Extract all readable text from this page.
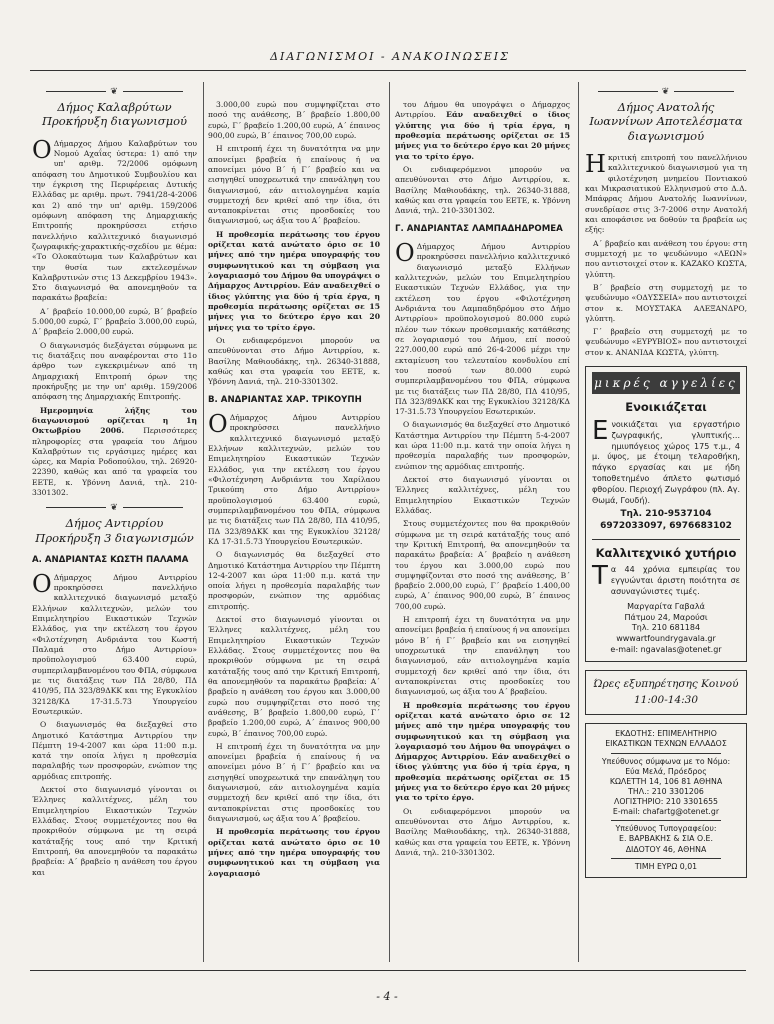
ΔΙΑΓΩΝΙΣΜΟΙ - ΑΝΑΚΟΙΝΩΣΕΙΣ
❦
Δήμος Καλαβρύτων Προκήρυξη διαγωνισμού

Ο Δήμαρχος Δήμου Καλαβρύτων του Νομού Αχαΐας ύστερα: 1) από την υπ' αριθμ. 72/2006 ομόφωνη απόφαση του Δημοτικού Συμβουλίου και την έγκριση της Περιφέρειας Δυτικής Ελλάδας με αριθμ. πρωτ. 7941/28-4-2006 και 2) από την υπ' αριθμ. 159/2006 ομόφωνη απόφαση της Δημαρχιακής Επιτροπής προκηρύσσει ετήσιο πανελλήνιο καλλιτεχνικό διαγωνισμό ζωγραφικής-χαρακτικής-σχεδίου με θέμα: «Το Ολοκαύτωμα των Καλαβρύτων και την θυσία των εκτελεσμένων Καλαβρυτινών στις 13 Δεκεμβρίου 1943». Στο διαγωνισμό θα απονεμηθούν τα παρακάτω βραβεία:

Α΄ βραβείο 10.000,00 ευρώ, Β΄ βραβείο 5.000,00 ευρώ, Γ΄ βραβείο 3.000,00 ευρώ, Δ΄ βραβείο 2.000,00 ευρώ.

Ο διαγωνισμός διεξάγεται σύμφωνα με τις διατάξεις που αναφέρονται στο 11ο άρθρο των εγκεκριμένων από τη Δημαρχιακή Επιτροπή όρων της προκήρυξης με την υπ' αριθμ. 159/2006 απόφαση της Δημαρχιακής Επιτροπής.

Ημερομηνία λήξης του διαγωνισμού ορίζεται η 1η Οκτωβρίου 2006. Περισσότερες πληροφορίες στα γραφεία του Δήμου Καλαβρύτων τις εργάσιμες ημέρες και ώρες, κα Μαρία Ροδοπούλου, τηλ. 26920-22390, καθώς και από τα γραφεία του ΕΕΤΕ, κ. Υβόννη Δανιά, τηλ. 210-3301302.

❦
Δήμος Αντιρρίου Προκήρυξη 3 διαγωνισμών
Α. ΑΝΔΡΙΑΝΤΑΣ ΚΩΣΤΗ ΠΑΛΑΜΑ

Ο Δήμαρχος Δήμου Αντιρρίου προκηρύσσει πανελλήνιο καλλιτεχνικό διαγωνισμό μεταξύ Ελλήνων καλλιτεχνών, μελών του Επιμελητηρίου Εικαστικών Τεχνών Ελλάδος, για την εκτέλεση του έργου «Φιλοτέχνηση Ανδριάντα του Κωστή Παλαμά στο Δήμο Αντιρρίου» προϋπολογισμού 63.400 ευρώ, συμπεριλαμβανομένου του ΦΠΑ, σύμφωνα με τις διατάξεις των ΠΔ 28/80, ΠΔ 410/95, ΠΔ 323/89ΔΚΚ και της Εγκυκλίου 32128/ΚΔ 17-31.5.73 Υπουργείου Εσωτερικών.

Ο διαγωνισμός θα διεξαχθεί στο Δημοτικό Κατάστημα Αντιρρίου την Πέμπτη 19-4-2007 και ώρα 11:00 π.μ. κατά την οποία λήγει η προθεσμία παραλαβής των προσφορών, ενώπιον της αρμόδιας επιτροπής.

Δεκτοί στο διαγωνισμό γίνονται οι Έλληνες καλλιτέχνες, μέλη του Επιμελητηρίου Εικαστικών Τεχνών Ελλάδας. Στους συμμετέχοντες που θα προκριθούν σύμφωνα με τη σειρά κατάταξής τους από την Κριτική Επιτροπή, θα απονεμηθούν τα παρακάτω βραβεία: Α΄ βραβείο η ανάθεση του έργου και

3.000,00 ευρώ που συμψηφίζεται στο ποσό της ανάθεσης, Β΄ βραβείο 1.800,00 ευρώ, Γ΄ βραβείο 1.200,00 ευρώ, Α΄ έπαινος 900,00 ευρώ, Β΄ έπαινος 700,00 ευρώ.

Η επιτροπή έχει τη δυνατότητα να μην απονείμει βραβεία ή επαίνους ή να απονείμει μόνο Β΄ ή Γ΄ βραβείο και να εισηγηθεί υποχρεωτικά την επανάληψη του διαγωνισμού, εάν αιτιολογημένα καμία συμμετοχή δεν κριθεί από την ίδια, ότι ανταποκρίνεται στις προσδοκίες του διαγωνισμού, ως άξια του Α΄ βραβείου.

Η προθεσμία περάτωσης του έργου ορίζεται κατά ανώτατο όριο σε 10 μήνες από την ημέρα υπογραφής του συμφωνητικού και τη σύμβαση για λογαριασμό του Δήμου θα υπογράψει ο Δήμαρχος Αντιρρίου. Εάν αναδειχθεί ο ίδιος γλύπτης για δύο ή τρία έργα, η προθεσμία περάτωσης ορίζεται σε 15 μήνες για το δεύτερο έργο και 20 μήνες για το τρίτο έργο.

Οι ενδιαφερόμενοι μπορούν να απευθύνονται στο Δήμο Αντιρρίου, κ. Βασίλης Μαθιουδάκης, τηλ. 26340-31888, καθώς και στα γραφεία του ΕΕΤΕ, κ. Υβόννη Δανιά, τηλ. 210-3301302.

Β. ΑΝΔΡΙΑΝΤΑΣ ΧΑΡ. ΤΡΙΚΟΥΠΗ

Ο Δήμαρχος Δήμου Αντιρρίου προκηρύσσει πανελλήνιο καλλιτεχνικό διαγωνισμό μεταξύ Ελλήνων καλλιτεχνών, μελών του Επιμελητηρίου Εικαστικών Τεχνών Ελλάδος, για την εκτέλεση του έργου «Φιλοτέχνηση Ανδριάντα του Χαρίλαου Τρικούπη στο Δήμο Αντιρρίου» προϋπολογισμού 63.400 ευρώ, συμπεριλαμβανομένου του ΦΠΑ, σύμφωνα με τις διατάξεις των ΠΔ 28/80, ΠΔ 410/95, ΠΔ 323/89ΔΚΚ και της Εγκυκλίου 32128/ΚΔ 17-31.5.73 Υπουργείου Εσωτερικών.

Ο διαγωνισμός θα διεξαχθεί στο Δημοτικό Κατάστημα Αντιρρίου την Πέμπτη 12-4-2007 και ώρα 11:00 π.μ. κατά την οποία λήγει η προθεσμία παραλαβής των προσφορών, ενώπιον της αρμόδιας επιτροπής.

Δεκτοί στο διαγωνισμό γίνονται οι Έλληνες καλλιτέχνες, μέλη του Επιμελητηρίου Εικαστικών Τεχνών Ελλάδας. Στους συμμετέχοντες που θα προκριθούν σύμφωνα με τη σειρά κατάταξής τους από την Κριτική Επιτροπή, θα απονεμηθούν τα παρακάτω βραβεία: Α΄ βραβείο η ανάθεση του έργου και 3.000,00 ευρώ που συμψηφίζεται στο ποσό της ανάθεσης, Β΄ βραβείο 1.800,00 ευρώ, Γ΄ βραβείο 1.200,00 ευρώ, Α΄ έπαινος 900,00 ευρώ, Β΄ έπαινος 700,00 ευρώ.

Η επιτροπή έχει τη δυνατότητα να μην απονείμει βραβεία ή επαίνους ή να απονείμει μόνο Β΄ ή Γ΄ βραβείο και να εισηγηθεί υποχρεωτικά την επανάληψη του διαγωνισμού, εάν αιτιολογημένα καμία συμμετοχή δεν κριθεί από την ίδια, ότι ανταποκρίνεται στις προσδοκίες του διαγωνισμού, ως άξια του Α΄ βραβείου.

Η προθεσμία περάτωσης του έργου ορίζεται κατά ανώτατο όριο σε 10 μήνες από την ημέρα υπογραφής του συμφωνητικού και τη σύμβαση για λογαριασμό

του Δήμου θα υπογράψει ο Δήμαρχος Αντιρρίου. Εάν αναδειχθεί ο ίδιος γλύπτης για δύο ή τρία έργα, η προθεσμία περάτωσης ορίζεται σε 15 μήνες για το δεύτερο έργο και 20 μήνες για το τρίτο έργο.

Οι ενδιαφερόμενοι μπορούν να απευθύνονται στο Δήμο Αντιρρίου, κ. Βασίλης Μαθιουδάκης, τηλ. 26340-31888, καθώς και στα γραφεία του ΕΕΤΕ, κ. Υβόννη Δανιά, τηλ. 210-3301302.

Γ. ΑΝΔΡΙΑΝΤΑΣ ΛΑΜΠΑΔΗΔΡΟΜΕΑ

Ο Δήμαρχος Δήμου Αντιρρίου προκηρύσσει πανελλήνιο καλλιτεχνικό διαγωνισμό μεταξύ Ελλήνων καλλιτεχνών, μελών του Επιμελητηρίου Εικαστικών Τεχνών Ελλάδος, για την εκτέλεση του έργου «Φιλοτέχνηση Ανδριάντα του Λαμπαδηδρόμου στο Δήμο Αντιρρίου» προϋπολογισμού 80.000 ευρώ πλέον των τόκων προθεσμιακής κατάθεσης σε λογαριασμό του Δήμου, επί ποσού 227.000,00 ευρώ από 26-4-2006 μέχρι την εκταμίευση του τελευταίου κονδυλίου επί του ποσού των 80.000 ευρώ συμπεριλαμβανομένου του ΦΠΑ, σύμφωνα με τις διατάξεις των ΠΔ 28/80, ΠΔ 410/95, ΠΔ 323/89ΔΚΚ και της Εγκυκλίου 32128/ΚΔ 17-31.5.73 Υπουργείου Εσωτερικών.

Ο διαγωνισμός θα διεξαχθεί στο Δημοτικό Κατάστημα Αντιρρίου την Πέμπτη 5-4-2007 και ώρα 11:00 π.μ. κατά την οποία λήγει η προθεσμία παραλαβής των προσφορών, ενώπιον της αρμόδιας επιτροπής.

Δεκτοί στο διαγωνισμό γίνονται οι Έλληνες καλλιτέχνες, μέλη του Επιμελητηρίου Εικαστικών Τεχνών Ελλάδας.

Στους συμμετέχοντες που θα προκριθούν σύμφωνα με τη σειρά κατάταξής τους από την Κριτική Επιτροπή, θα απονεμηθούν τα παρακάτω βραβεία: Α΄ βραβείο η ανάθεση του έργου και 3.000,00 ευρώ που συμψηφίζονται στο ποσό της ανάθεσης, Β΄ βραβείο 2.000,00 ευρώ, Γ΄ βραβείο 1.400,00 ευρώ, Α΄ έπαινος 900,00 ευρώ, Β΄ έπαινος 700,00 ευρώ.

Η επιτροπή έχει τη δυνατότητα να μην απονείμει βραβεία ή επαίνους ή να απονείμει μόνο Β΄ ή Γ΄ βραβείο και να εισηγηθεί υποχρεωτικά την επανάληψη του διαγωνισμού, εάν αιτιολογημένα καμία συμμετοχή δεν κριθεί από την ίδια, ότι ανταποκρίνεται στις προσδοκίες του διαγωνισμού, ως άξια του Α΄ βραβείου.

Η προθεσμία περάτωσης του έργου ορίζεται κατά ανώτατο όριο σε 12 μήνες από την ημέρα υπογραφής του συμφωνητικού και τη σύμβαση για λογαριασμό του Δήμου θα υπογράψει ο Δήμαρχος Αντιρρίου. Εάν αναδειχθεί ο ίδιος γλύπτης για δύο ή τρία έργα, η προθεσμία περάτωσης ορίζεται σε 15 μήνες για το δεύτερο έργο και 20 μήνες για το τρίτο έργο.

Οι ενδιαφερόμενοι μπορούν να απευθύνονται στο Δήμο Αντιρρίου, κ. Βασίλης Μαθιουδάκης, τηλ. 26340-31888, καθώς και στα γραφεία του ΕΕΤΕ, κ. Υβόννη Δανιά, τηλ. 210-3301302.

❦
Δήμος Ανατολής Ιωαννίνων Αποτελέσματα διαγωνισμού

Ηκριτική επιτροπή του πανελλήνιου καλλιτεχνικού διαγωνισμού για τη φιλοτέχνηση μνημείου Ποντιακού και Μικρασιατικού Ελληνισμού στο Δ.Δ. Μπάφρας Δήμου Ανατολής Ιωαννίνων, συνεδρίασε στις 3-7-2006 στην Ανατολή και αποφάσισε να δοθούν τα βραβεία ως εξής:

Α΄ βραβείο και ανάθεση του έργου: στη συμμετοχή με το ψευδώνυμο «ΛΕΩΝ» που αντιστοιχεί στον κ. ΚΑΖΑΚΟ ΚΩΣΤΑ, γλύπτη.

Β΄ βραβείο στη συμμετοχή με το ψευδώνυμο «ΟΔΥΣΣΕΙΑ» που αντιστοιχεί στον κ. ΜΟΥΣΤΑΚΑ ΑΛΕΞΑΝΔΡΟ, γλύπτη.

Γ΄ βραβείο στη συμμετοχή με το ψευδώνυμο «ΕΥΡΥΒΙΟΣ» που αντιστοιχεί στον κ. ΑΝΑΝΙΔΑ ΚΩΣΤΑ, γλύπτη.

μικρές αγγελίες
Ενοικιάζεται
Ενοικιάζεται για εργαστήριο ζωγραφικής, γλυπτικής... ημιυπόγειος χώρος 175 τ.μ., 4 μ. ύψος, με έτοιμη τελαροθήκη, πάγκο εργασίας και με ήδη τοποθετημένο άπλετο φωτισμό φθορίου. Περιοχή Ζωγράφου (πλ. Αγ. Θωμά, Γουδή).
Τηλ. 210-9537104
6972033097, 6976683102
Καλλιτεχνικό χυτήριο
Τα 44 χρόνια εμπειρίας του εγγυώνται άριστη ποιότητα σε ασυναγώνιστες τιμές.
Μαργαρίτα Γαβαλά
Πάτμου 24, Μαρούσι
Τηλ. 210 681184
wwwartfoundrygavala.gr
e-mail: ngavalas@otenet.gr
Ώρες εξυπηρέτησης Κοινού
11:00-14:30
ΕΚΔΟΤΗΣ: ΕΠΙΜΕΛΗΤΗΡΙΟ
ΕΙΚΑΣΤΙΚΩΝ ΤΕΧΝΩΝ ΕΛΛΑΔΟΣ
Υπεύθυνος σύμφωνα με το Νόμο:
Εύα Μελά, Πρόεδρος
ΚΩΛΕΤΤΗ 14, 106 81 ΑΘΗΝΑ
ΤΗΛ.: 210 3301206
ΛΟΓΙΣΤΗΡΙΟ: 210 3301655
E-mail: chafartg@otenet.gr
Υπεύθυνος Τυπογραφείου:
Ε. ΒΑΡΒΑΚΗΣ & ΣΙΑ Ο.Ε.
ΔΙΔΟΤΟΥ 46, ΑΘΗΝΑ
ΤΙΜΗ ΕΥΡΩ 0,01
- 4 -
